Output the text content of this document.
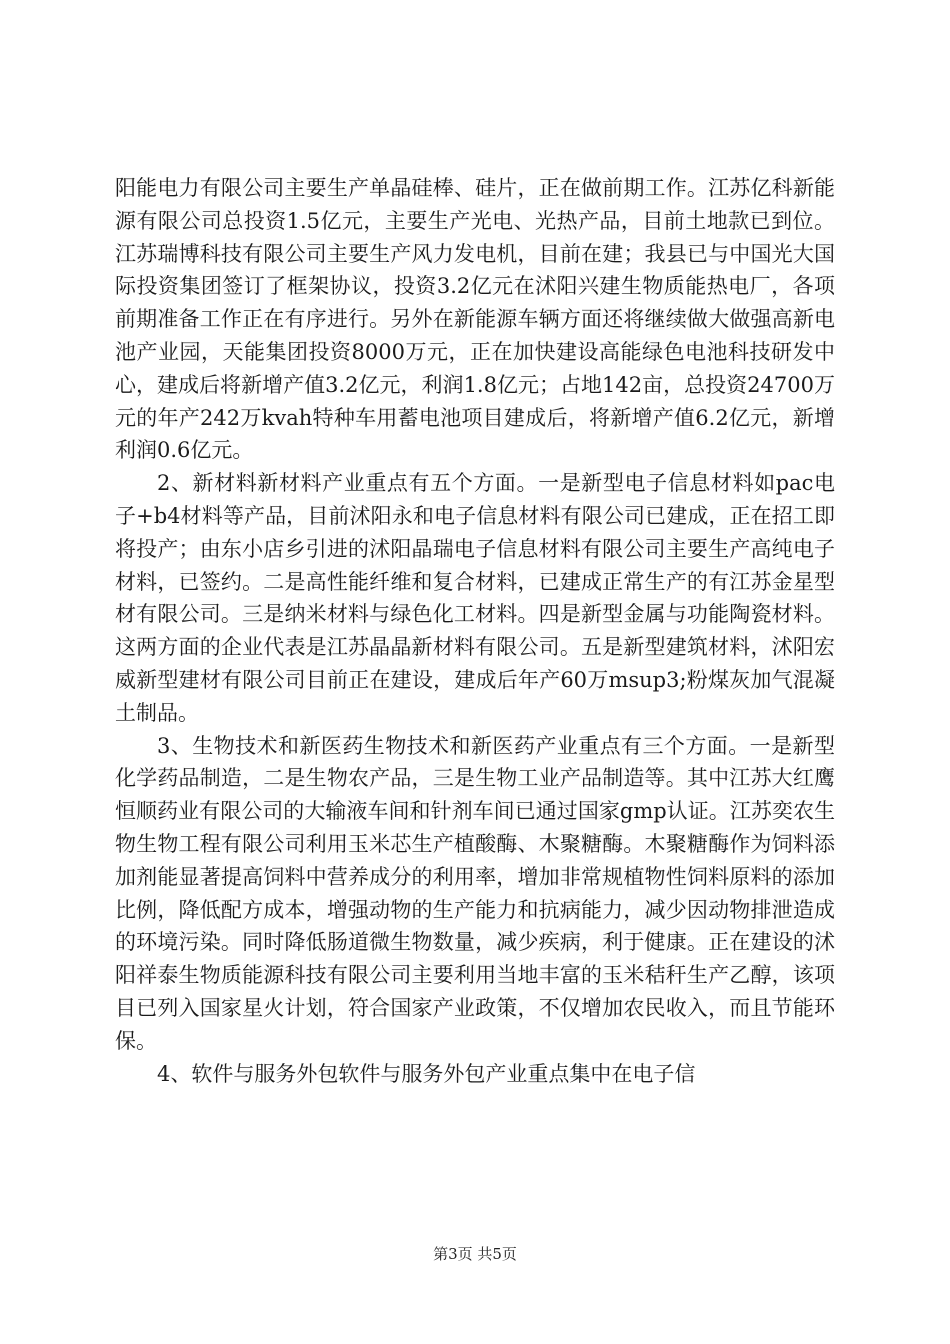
阳能电力有限公司主要生产单晶硅棒、硅片，正在做前期工作。江苏亿科新能源有限公司总投资1.5亿元，主要生产光电、光热产品，目前土地款已到位。江苏瑞博科技有限公司主要生产风力发电机，目前在建；我县已与中国光大国际投资集团签订了框架协议，投资3.2亿元在沭阳兴建生物质能热电厂，各项前期准备工作正在有序进行。另外在新能源车辆方面还将继续做大做强高新电池产业园，天能集团投资8000万元，正在加快建设高能绿色电池科技研发中心，建成后将新增产值3.2亿元，利润1.8亿元；占地142亩，总投资24700万元的年产242万kvah特种车用蓄电池项目建成后，将新增产值6.2亿元，新增利润0.6亿元。

2、新材料新材料产业重点有五个方面。一是新型电子信息材料如pac电子+b4材料等产品，目前沭阳永和电子信息材料有限公司已建成，正在招工即将投产；由东小店乡引进的沭阳晶瑞电子信息材料有限公司主要生产高纯电子材料，已签约。二是高性能纤维和复合材料，已建成正常生产的有江苏金星型材有限公司。三是纳米材料与绿色化工材料。四是新型金属与功能陶瓷材料。这两方面的企业代表是江苏晶晶新材料有限公司。五是新型建筑材料，沭阳宏威新型建材有限公司目前正在建设，建成后年产60万msup3;粉煤灰加气混凝土制品。

3、生物技术和新医药生物技术和新医药产业重点有三个方面。一是新型化学药品制造，二是生物农产品，三是生物工业产品制造等。其中江苏大红鹰恒顺药业有限公司的大输液车间和针剂车间已通过国家gmp认证。江苏奕农生物生物工程有限公司利用玉米芯生产植酸酶、木聚糖酶。木聚糖酶作为饲料添加剂能显著提高饲料中营养成分的利用率，增加非常规植物性饲料原料的添加比例，降低配方成本，增强动物的生产能力和抗病能力，减少因动物排泄造成的环境污染。同时降低肠道微生物数量，减少疾病，利于健康。正在建设的沭阳祥泰生物质能源科技有限公司主要利用当地丰富的玉米秸秆生产乙醇，该项目已列入国家星火计划，符合国家产业政策，不仅增加农民收入，而且节能环保。

4、软件与服务外包软件与服务外包产业重点集中在电子信

第3页 共5页
